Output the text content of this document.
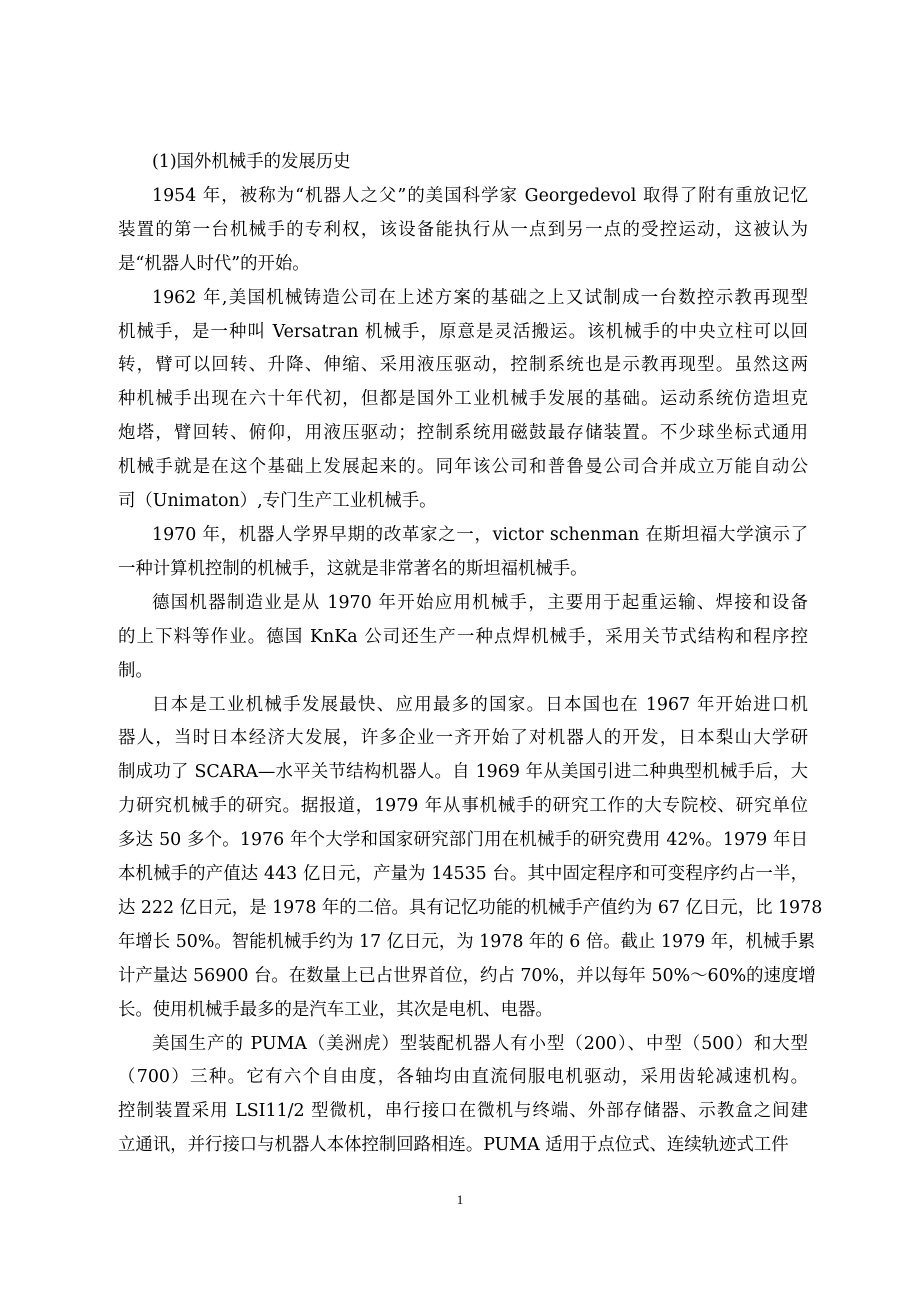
(1)国外机械手的发展历史
1954 年，被称为“机器人之父”的美国科学家 Georgedevol 取得了附有重放记忆
装置的第一台机械手的专利权，该设备能执行从一点到另一点的受控运动，这被认为
是“机器人时代”的开始。
1962 年,美国机械铸造公司在上述方案的基础之上又试制成一台数控示教再现型
机械手，是一种叫 Versatran 机械手，原意是灵活搬运。该机械手的中央立柱可以回
转，臂可以回转、升降、伸缩、采用液压驱动，控制系统也是示教再现型。虽然这两
种机械手出现在六十年代初，但都是国外工业机械手发展的基础。运动系统仿造坦克
炮塔，臂回转、俯仰，用液压驱动；控制系统用磁鼓最存储装置。不少球坐标式通用
机械手就是在这个基础上发展起来的。同年该公司和普鲁曼公司合并成立万能自动公
司（Unimaton）,专门生产工业机械手。
1970 年，机器人学界早期的改革家之一，victor schenman 在斯坦福大学演示了
一种计算机控制的机械手，这就是非常著名的斯坦福机械手。
德国机器制造业是从 1970 年开始应用机械手，主要用于起重运输、焊接和设备
的上下料等作业。德国 KnKa 公司还生产一种点焊机械手，采用关节式结构和程序控
制。
日本是工业机械手发展最快、应用最多的国家。日本国也在 1967 年开始进口机
器人，当时日本经济大发展，许多企业一齐开始了对机器人的开发，日本梨山大学研
制成功了 SCARA—水平关节结构机器人。自 1969 年从美国引进二种典型机械手后，大
力研究机械手的研究。据报道，1979 年从事机械手的研究工作的大专院校、研究单位
多达 50 多个。1976 年个大学和国家研究部门用在机械手的研究费用 42%。1979 年日
本机械手的产值达 443 亿日元，产量为 14535 台。其中固定程序和可变程序约占一半，
达 222 亿日元，是 1978 年的二倍。具有记忆功能的机械手产值约为 67 亿日元，比 1978
年增长 50%。智能机械手约为 17 亿日元，为 1978 年的 6 倍。截止 1979 年，机械手累
计产量达 56900 台。在数量上已占世界首位，约占 70%，并以每年 50%～60%的速度增
长。使用机械手最多的是汽车工业，其次是电机、电器。
美国生产的 PUMA（美洲虎）型装配机器人有小型（200）、中型（500）和大型
（700）三种。它有六个自由度，各轴均由直流伺服电机驱动，采用齿轮减速机构。
控制装置采用 LSI11/2 型微机，串行接口在微机与终端、外部存储器、示教盒之间建
立通讯，并行接口与机器人本体控制回路相连。PUMA 适用于点位式、连续轨迹式工件
1
